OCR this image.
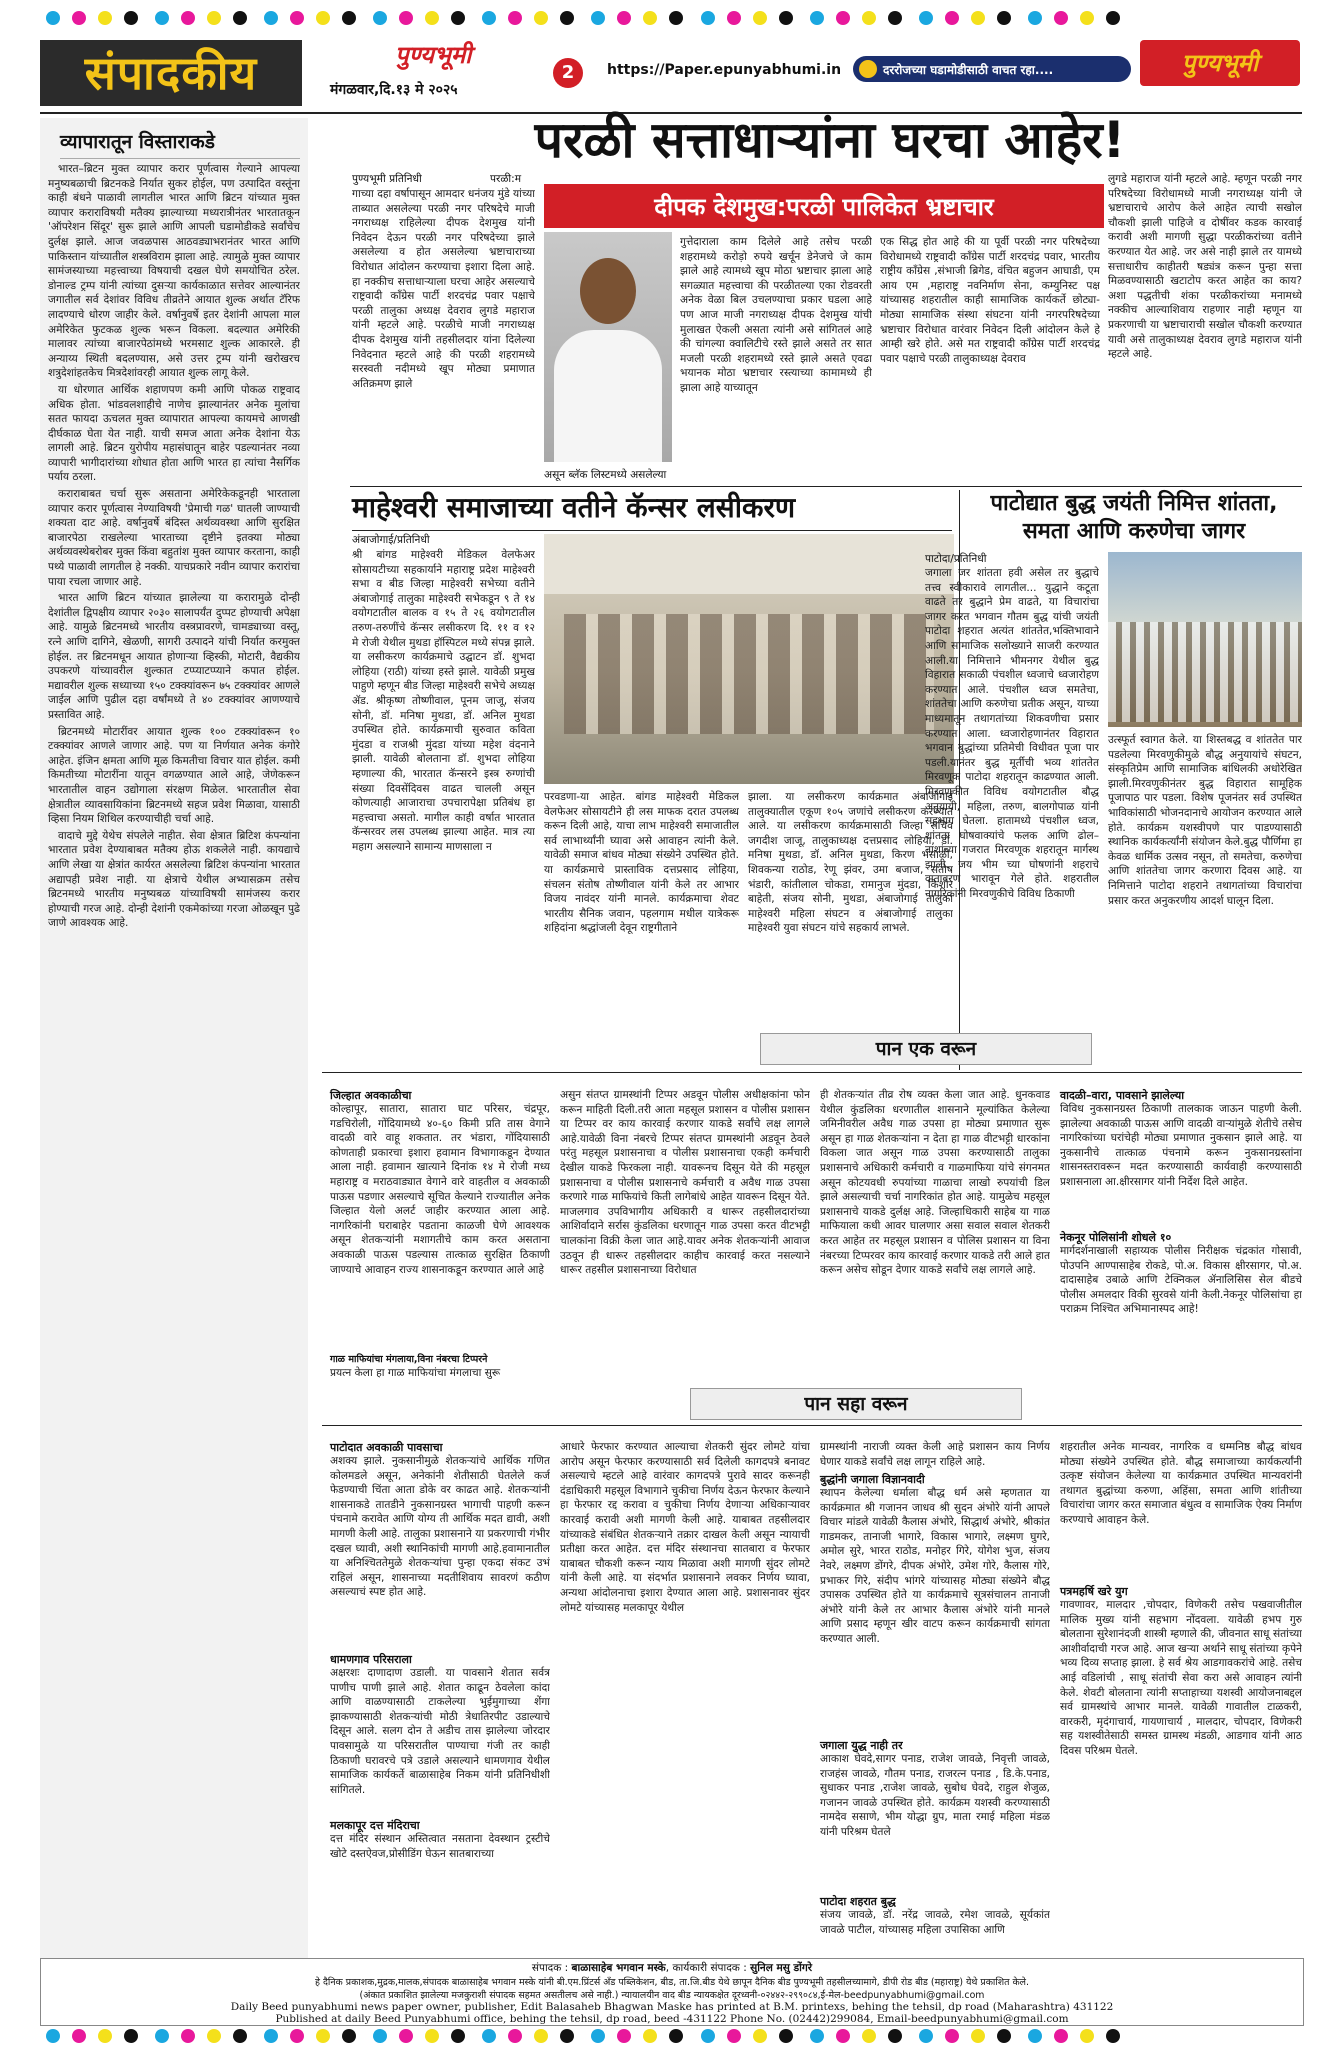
संपादकीय	पुण्यभूमी
मंगळवार,दि.१३ मे २०२५
2	https://Paper.epunyabhumi.in	दररोजच्या घडामोडीसाठी वाचत रहा....	पुण्यभूमी
व्यापारातून विस्ताराकडे

भारत–ब्रिटन मुक्त व्यापार करार पूर्णत्वास गेल्याने आपल्या मनुष्यबळाची ब्रिटनकडे निर्यात सुकर होईल, पण उत्पादित वस्तूंना काही बंधने पाळावी लागतील भारत आणि ब्रिटन यांच्यात मुक्त व्यापार कराराविषयी मतैक्य झाल्याच्या मध्यरात्रीनंतर भारतातकून 'ऑपरेशन सिंदूर' सुरू झाले आणि आपली घडामोडीकडे सर्वांचेच दुर्लक्ष झाले. आज जवळपास आठवड्याभरानंतर भारत आणि पाकिस्तान यांच्यातील शस्त्रविराम झाला आहे. त्यामुळे मुक्त व्यापार सामंजस्याच्या महत्त्वाच्या विषयाची दखल घेणे समयोचित ठरेल. डोनाल्ड ट्रम्प यांनी त्यांच्या दुसऱ्या कार्यकाळात सत्तेवर आल्यानंतर जगातील सर्व देशांवर विविध तीव्रतेने आयात शुल्क अर्थात टॅरिफ लादण्याचे धोरण जाहीर केले. वर्षानुवर्षे इतर देशांनी आपला माल अमेरिकेत फुटकळ शुल्क भरून विकला. बदल्यात अमेरिकी मालावर त्यांच्या बाजारपेठांमध्ये भरमसाट शुल्क आकारले. ही अन्याय्य स्थिती बदलण्यास, असे उत्तर ट्रम्प यांनी खरोखरच शत्रुदेशांहतकेच मित्रदेशांवरही आयात शुल्क लागू केले.

या धोरणात आर्थिक शहाणपण कमी आणि पोकळ राष्ट्रवाद अधिक होता. भांडवलशाहीचे नाणेच झाल्यानंतर अनेक मुलांचा सतत फायदा ऊचलत मुक्त व्यापारात आपल्या कायमचे आणखी दीर्घकाळ घेता येत नाही. याची समज आता अनेक देशांना येऊ लागली आहे. ब्रिटन युरोपीय महासंघातून बाहेर पडल्यानंतर नव्या व्यापारी भागीदारांच्या शोधात होता आणि भारत हा त्यांचा नैसर्गिक पर्याय ठरला.

कराराबाबत चर्चा सुरू असताना अमेरिकेकडूनही भारताला व्यापार करार पूर्णत्वास नेण्याविषयी 'प्रेमाची गळ' घातली जाण्याची शक्यता दाट आहे. वर्षानुवर्षे बंदिस्त अर्थव्यवस्था आणि सुरक्षित बाजारपेठा राखलेल्या भारताच्या दृष्टीने इतक्या मोठ्या अर्थव्यवस्थेबरोबर मुक्त किंवा बहुतांश मुक्त व्यापार करताना, काही पथ्ये पाळावी लागतील हे नक्की. याचप्रकारे नवीन व्यापार करारांचा पाया रचला जाणार आहे.

भारत आणि ब्रिटन यांच्यात झालेल्या या करारामुळे दोन्ही देशांतील द्विपक्षीय व्यापार २०३० सालापर्यंत दुप्पट होण्याची अपेक्षा आहे. यामुळे ब्रिटनमध्ये भारतीय वस्त्रप्रावरणे, चामड्याच्या वस्तू, रत्ने आणि दागिने, खेळणी, सागरी उत्पादने यांची निर्यात करमुक्त होईल. तर ब्रिटनमधून आयात होणाऱ्या व्हिस्की, मोटारी, वैद्यकीय उपकरणे यांच्यावरील शुल्कात टप्प्याटप्प्याने कपात होईल. मद्यावरील शुल्क सध्याच्या १५० टक्क्यांवरून ७५ टक्क्यांवर आणले जाईल आणि पुढील दहा वर्षांमध्ये ते ४० टक्क्यांवर आणण्याचे प्रस्तावित आहे.

ब्रिटनमध्ये मोटारींवर आयात शुल्क १०० टक्क्यांवरून १० टक्क्यांवर आणले जाणार आहे. पण या निर्णयात अनेक कंगोरे आहेत. इंजिन क्षमता आणि मूळ किमतीचा विचार यात होईल. कमी किमतीच्या मोटारींना यातून वगळण्यात आले आहे, जेणेकरून भारतातील वाहन उद्योगाला संरक्षण मिळेल. भारतातील सेवा क्षेत्रातील व्यावसायिकांना ब्रिटनमध्ये सहज प्रवेश मिळावा, यासाठी व्हिसा नियम शिथिल करण्याचीही चर्चा आहे.

वादाचे मुद्दे येथेच संपलेले नाहीत. सेवा क्षेत्रात ब्रिटिश कंपन्यांना भारतात प्रवेश देण्याबाबत मतैक्य होऊ शकलेले नाही. कायद्याचे आणि लेखा या क्षेत्रांत कार्यरत असलेल्या ब्रिटिश कंपन्यांना भारतात अद्यापही प्रवेश नाही. या क्षेत्राचे येथील अभ्यासक्रम तसेच ब्रिटनमध्ये भारतीय मनुष्यबळ यांच्याविषयी सामंजस्य करार होण्याची गरज आहे. दोन्ही देशांनी एकमेकांच्या गरजा ओळखून पुढे जाणे आवश्यक आहे.

परळी सत्ताधाऱ्यांना घरचा आहेर!
पुण्यभूमी प्रतिनिधी	परळी:म
गाच्या दहा वर्षापासून आमदार धनंजय मुंडे यांच्या ताब्यात असलेल्या परळी नगर परिषदेचे माजी नगराध्यक्ष राहिलेल्या दीपक देशमुख यांनी निवेदन देऊन परळी नगर परिषदेच्या झाले असलेल्या व होत असलेल्या भ्रष्टाचाराच्या विरोधात आंदोलन करण्याचा इशारा दिला आहे. हा नक्कीच सत्ताधाऱ्याला घरचा आहेर असल्याचे राष्ट्रवादी काँग्रेस पार्टी शरदचंद्र पवार पक्षाचे परळी तालुका अध्यक्ष देवराव लुगडे महाराज यांनी म्हटले आहे. परळीचे माजी नगराध्यक्ष दीपक देशमुख यांनी तहसीलदार यांना दिलेल्या निवेदनात म्हटले आहे की परळी शहरामध्ये सरस्वती नदीमध्ये खूप मोठ्या प्रमाणात अतिक्रमण झाले
दीपक देशमुख:परळी पालिकेत भ्रष्टाचार
असून ब्लॅक लिस्टमध्ये असलेल्या
गुत्तेदाराला काम दिलेले आहे तसेच परळी शहरामध्ये करोड़ो रुपये खर्चून डेनेजचे जे काम झाले आहे त्यामध्ये खूप मोठा भ्रष्टाचार झाला आहे सगळ्यात महत्त्वाचा की परळीतल्या एका रोडवरती अनेक वेळा बिल उचलण्याचा प्रकार घडला आहे पण आज माजी नगराध्यक्ष दीपक देशमुख यांची मुलाखत ऐकली असता त्यांनी असे सांगितलं आहे की चांगल्या क्वालिटीचे रस्ते झाले असते तर सात मजली परळी शहरामध्ये रस्ते झाले असते एवढा भयानक मोठा भ्रष्टाचार रस्त्याच्या कामामध्ये ही झाला आहे याच्यातून
एक सिद्ध होत आहे की या पूर्वी परळी नगर परिषदेच्या विरोधामध्ये राष्ट्रवादी काँग्रेस पार्टी शरदचंद्र पवार, भारतीय राष्ट्रीय काँग्रेस ,संभाजी ब्रिगेड, वंचित बहुजन आघाडी, एम आय एम ,महाराष्ट्र नवनिर्माण सेना, कम्युनिस्ट पक्ष यांच्यासह शहरातील काही सामाजिक कार्यकर्ते छोट्या-मोठ्या सामाजिक संस्था संघटना यांनी नगरपरिषदेच्या भ्रष्टाचार विरोधात वारंवार निवेदन दिली आंदोलन केले हे आम्ही खरे होते. असे मत राष्ट्रवादी काँग्रेस पार्टी शरदचंद्र पवार पक्षाचे परळी तालुकाध्यक्ष देवराव
लुगडे महाराज यांनी म्हटले आहे. म्हणून परळी नगर परिषदेच्या विरोधामध्ये माजी नगराध्यक्ष यांनी जे भ्रष्टाचाराचे आरोप केले आहेत त्याची सखोल चौकशी झाली पाहिजे व दोषींवर कडक कारवाई करावी अशी मागणी सुद्धा परळीकरांच्या वतीने करण्यात येत आहे. जर असे नाही झाले तर यामध्ये सत्ताधारीच काहीतरी षड्यंत्र करून पुन्हा सत्ता मिळवण्यासाठी खटाटोप करत आहेत का काय? अशा पद्धतीची शंका परळीकरांच्या मनामध्ये नक्कीच आल्याशिवाय राहणार नाही म्हणून या प्रकरणाची या भ्रष्टाचाराची सखोल चौकशी करण्यात यावी असे तालुकाध्यक्ष देवराव लुगडे महाराज यांनी म्हटले आहे.
माहेश्वरी समाजाच्या वतीने कॅन्सर लसीकरण
अंबाजोगाई/प्रतिनिधी
श्री बांगड माहेश्वरी मेडिकल वेलफेअर सोसायटीच्या सहकार्याने महाराष्ट्र प्रदेश माहेश्वरी सभा व बीड जिल्हा माहेश्वरी सभेच्या वतीने अंबाजोगाई तालुका माहेश्वरी सभेकडून ९ ते १४ वयोगटातील बालक व १५ ते २६ वयोगटातील तरुण-तरुणींचे कॅन्सर लसीकरण दि. ११ व १२ मे रोजी येथील मुथडा हॉस्पिटल मध्ये संपन्न झाले. या लसीकरण कार्यक्रमाचे उद्घाटन डॉ. शुभदा लोहिया (राठी) यांच्या हस्ते झाले. यावेळी प्रमुख पाहुणे म्हणून बीड जिल्हा माहेश्वरी सभेचे अध्यक्ष ॲड. श्रीकृष्ण तोष्णीवाल, पूनम जाजू, संजय सोनी, डॉ. मनिषा मुथडा, डॉ. अनिल मुथडा उपस्थित होते. कार्यक्रमाची सुरुवात कविता मुंदडा व राजश्री मुंदडा यांच्या महेश वंदनाने झाली. यावेळी बोलताना डॉ. शुभदा लोहिया म्हणाल्या की, भारतात कॅन्सरने इस्त्र रुग्णांची संख्या दिवसेंदिवस वाढत चालली असून कोणत्याही आजाराचा उपचारापेक्षा प्रतिबंध हा महत्त्वाचा असतो. मागील काही वर्षात भारतात कॅन्सरवर लस उपलब्ध झाल्या आहेत. मात्र त्या महाग असल्याने सामान्य माणसाला न
परवडणा-या आहेत. बांगड माहेश्वरी मेडिकल वेलफेअर सोसायटीने ही लस माफक दरात उपलब्ध करून दिली आहे, याचा लाभ माहेश्वरी समाजातील सर्व लाभार्थ्यांनी घ्यावा असे आवाहन त्यांनी केले. यावेळी समाज बांधव मोठ्या संख्येने उपस्थित होते. या कार्यक्रमाचे प्रास्ताविक दत्तप्रसाद लोहिया, संचलन संतोष तोष्णीवाल यांनी केले तर आभार विजय नावंदर यांनी मानले. कार्यक्रमाचा शेवट भारतीय सैनिक जवान, पहलगाम मधील यात्रेकरू शहिदांना श्रद्धांजली देवून राष्ट्रगीताने
झाला. या लसीकरण कार्यक्रमात अंबाजोगाई तालुक्यातील एकूण १०५ जणांचे लसीकरण करण्यात आले. या लसीकरण कार्यक्रमासाठी जिल्हा सचिव जगदीश जाजू, तालुकाध्यक्ष दत्तप्रसाद लोहिया, डॉ. मनिषा मुथडा, डॉ. अनिल मुथडा, किरण भंसाळी, शिवकन्या राठोड, रेणू झंवर, उमा बजाज, संतोष भंडारी, कांतीलाल चोकडा, रामानुज मुंदडा, किशोर बाहेती, संजय सोनी, मुथडा, अंबाजोगाई तालुका माहेश्वरी महिला संघटन व अंबाजोगाई तालुका माहेश्वरी युवा संघटन यांचे सहकार्य लाभले.
पाटोद्यात बुद्ध जयंती निमित्त शांतता, समता आणि करुणेचा जागर
पाटोदा/प्रतिनिधी
जगाला जर शांतता हवी असेल तर बुद्धाचे तत्त्व स्वीकारावे लागतील... युद्धाने कटूता वाढते तर बुद्धाने प्रेम वाढते, या विचारांचा जागर करत भगवान गौतम बुद्ध यांची जयंती पाटोदा शहरात अत्यंत शांततेत,भक्तिभावाने आणि सामाजिक सलोख्याने साजरी करण्यात आली.या निमित्ताने भीमनगर येथील बुद्ध विहारात सकाळी पंचशील ध्वजाचे ध्वजारोहण करण्यात आले. पंचशील ध्वज समतेचा, शांततेचा आणि करुणेचा प्रतीक असून, याच्या माध्यमातून तथागतांच्या शिकवणीचा प्रसार करण्यात आला. ध्वजारोहणानंतर विहारात भगवान बुद्धांच्या प्रतिमेची विधीवत पूजा पार पडली.यानंतर बुद्ध मूर्तीची भव्य शांततेत मिरवणूक पाटोदा शहरातून काढण्यात आली. मिरवणुकीत विविध वयोगटातील बौद्ध अनुयायी, महिला, तरुण, बालगोपाळ यांनी सहभाग घेतला. हातामध्ये पंचशील ध्वज, शांतता घोषवाक्यांचे फलक आणि ढोल–ताशांच्या गजरात मिरवणूक शहरातून मार्गस्थ झाली. जय भीम च्या घोषणांनी शहराचे वातावरण भारावून गेले होते. शहरातील नागरिकांनी मिरवणुकीचे विविध ठिकाणी
उत्स्फूर्त स्वागत केले. या शिस्तबद्ध व शांततेत पार पडलेल्या मिरवणुकीमुळे बौद्ध अनुयायांचे संघटन, संस्कृतिप्रेम आणि सामाजिक बांधिलकी अधोरेखित झाली.मिरवणुकीनंतर बुद्ध विहारात सामूहिक पूजापाठ पार पडला. विशेष पूजनंतर सर्व उपस्थित भाविकांसाठी भोजनदानाचे आयोजन करण्यात आले होते. कार्यक्रम यशस्वीपणे पार पाडण्यासाठी स्थानिक कार्यकर्त्यांनी संयोजन केले.बुद्ध पौर्णिमा हा केवळ धार्मिक उत्सव नसून, तो समतेचा, करुणेचा आणि शांततेचा जागर करणारा दिवस आहे. या निमित्ताने पाटोदा शहराने तथागतांच्या विचारांचा प्रसार करत अनुकरणीय आदर्श घालून दिला.
पान एक वरून
जिल्हात अवकाळीचा
कोल्हापूर, सातारा, सातारा घाट परिसर, चंद्रपूर, गडचिरोली, गोंदियामध्ये ४०-६० किमी प्रति तास वेगाने वादळी वारे वाहू शकतात. तर भंडारा, गोंदियासाठी कोणताही प्रकारचा इशारा हवामान विभागाकडून देण्यात आला नाही. हवामान खात्याने दिनांक १४ मे रोजी मध्य महाराष्ट्र व मराठवाड्यात वेगाने वारे वाहतील व अवकाळी पाऊस पडणार असल्याचे सूचित केल्याने राज्यातील अनेक जिल्हात येलो अलर्ट जाहीर करण्यात आला आहे. नागरिकांनी घराबाहेर पडताना काळजी घेणे आवश्यक असून शेतकऱ्यांनी मशागतीचे काम करत असताना अवकाळी पाऊस पडल्यास तात्काळ सुरक्षित ठिकाणी जाण्याचे आवाहन राज्य शासनाकडून करण्यात आले आहे
गाळ माफियांचा मंगलाया,विना नंबरचा टिप्परने
प्रयत्न केला हा गाळ माफियांचा मंगलाचा सुरू
असुन संतप्त ग्रामस्थांनी टिप्पर अडवून पोलीस अधीक्षकांना फोन करून माहिती दिली.तरी आता महसूल प्रशासन व पोलीस प्रशासन या टिप्पर वर काय कारवाई करणार याकडे सर्वांचे लक्ष लागले आहे.यावेळी विना नंबरचे टिप्पर संतप्त ग्रामस्थांनी अडवून ठेवले परंतु महसूल प्रशासनाचा व पोलीस प्रशासनाचा एकही कर्मचारी देखील याकडे फिरकला नाही. यावरूनच दिसून येते की महसूल प्रशासनाचा व पोलीस प्रशासनाचे कर्मचारी व अवैध गाळ उपसा करणारे गाळ माफियांचे किती लागेबांधे आहेत यावरून दिसून येते. माजलगाव उपविभागीय अधिकारी व धारूर तहसीलदारांच्या आशिर्वादाने सर्रास कुंडलिका धरणातून गाळ उपसा करत वीटभट्टी चालकांना विक्री केला जात आहे.यावर अनेक शेतकऱ्यांनी आवाज उठवून ही धारूर तहसीलदार काहीच कारवाई करत नसल्याने धारूर तहसील प्रशासनाच्या विरोधात
ही शेतकऱ्यांत तीव्र रोष व्यक्त केला जात आहे. धुनकवाड येथील कुंडलिका धरणातील शासनाने मूल्यांकित केलेल्या जमिनीवरील अवैध गाळ उपसा हा मोठ्या प्रमाणात सुरू असून हा गाळ शेतकऱ्यांना न देता हा गाळ वीटभट्टी धारकांना विकला जात असून गाळ उपसा करण्यासाठी तालुका प्रशासनाचे अधिकारी कर्मचारी व गाळमाफिया यांचे संगनमत असून कोटयवधी रुपयांच्या गाळाचा लाखो रुपयांची डिल झाले असल्याची चर्चा नागरिकांत होत आहे. यामुळेच महसूल प्रशासनाचे याकडे दुर्लक्ष आहे. जिल्हाधिकारी साहेब या गाळ माफियाला कधी आवर घालणार असा सवाल सवाल शेतकरी करत आहेत तर महसूल प्रशासन व पोलिस प्रशासन या विना नंबरच्या टिप्परवर काय कारवाई करणार याकडे तरी आले हात करून असेच सोडून देणार याकडे सर्वांचे लक्ष लागले आहे.
वादळी–वारा, पावसाने झालेल्या
विविध नुकसानग्रस्त ठिकाणी तालकाक जाऊन पाहणी केली. झालेल्या अवकाळी पाऊस आणि वादळी वाऱ्यांमुळे शेतीचे तसेच नागरिकांच्या घरांचेही मोठ्या प्रमाणात नुकसान झाले आहे. या नुकसानीचे तात्काळ पंचनामे करून नुकसानग्रस्तांना शासनस्तरावरून मदत करण्यासाठी कार्यवाही करण्यासाठी प्रशासनाला आ.क्षीरसागर यांनी निर्देश दिले आहेत.
नेकनूर पोलिसांनी शोधले १०
मार्गदर्शनाखाली सहाय्यक पोलीस निरीक्षक चंद्रकांत गोसावी, पोउपनि आण्पासाहेब रोकडे, पो.अ. विकास क्षीरसागर, पो.अ. दादासाहेब उबाळे आणि टेक्निकल ॲनालिसिस सेल बीडचे पोलीस अमलदार विकी सुरवसे यांनी केली.नेकनूर पोलिसांचा हा पराक्रम निश्चित अभिमानास्पद आहे!
पान सहा वरून
पाटोदात अवकाळी पावसाचा
अशक्य झाले. नुकसानीमुळे शेतकऱ्यांचे आर्थिक गणित कोलमडले असून, अनेकांनी शेतीसाठी घेतलेले कर्ज फेडण्याची चिंता आता डोके वर काढत आहे. शेतकऱ्यांनी शासनाकडे तातडीने नुकसानग्रस्त भागाची पाहणी करून पंचनामे करावेत आणि योग्य ती आर्थिक मदत द्यावी, अशी मागणी केली आहे. तालुका प्रशासनाने या प्रकरणाची गंभीर दखल घ्यावी, अशी स्थानिकांची मागणी आहे.हवामानातील या अनिश्चिततेमुळे शेतकऱ्यांचा पुन्हा एकदा संकट उभं राहिलं असून, शासनाच्या मदतीशिवाय सावरणं कठीण असल्याचं स्पष्ट होत आहे.
धामणगाव परिसराला
अक्षरशः दाणादाण उडाली. या पावसाने शेतात सर्वत्र पाणीच पाणी झाले आहे. शेतात काढून ठेवलेला कांदा आणि वाळण्यासाठी टाकलेल्या भुईमुगाच्या शेंगा झाकण्यासाठी शेतकऱ्यांची मोठी त्रेधातिरपीट उडाल्याचे दिसून आले. सलग दोन ते अडीच तास झालेल्या जोरदार पावसामुळे या परिसरातील पाण्याचा गंजी तर काही ठिकाणी घरावरचे पत्रे उडाले असल्याने धामणगाव येथील सामाजिक कार्यकर्ते बाळासाहेब निकम यांनी प्रतिनिधीशी सांगितले.
मलकापूर दत्त मंदिराचा
दत्त मंदिर संस्थान अस्तित्वात नसताना देवस्थान ट्रस्टीचे खोटे दस्तऐवज,प्रोसीडिंग घेऊन सातबाराच्या
आधारे फेरफार करण्यात आल्याचा शेतकरी सुंदर लोमटे यांचा आरोप असून फेरफार करण्यासाठी सर्व दिलेली कागदपत्रे बनावट असल्याचे म्हटले आहे वारंवार कागदपत्रे पुरावे सादर करूनही दंडाधिकारी महसूल विभागाने चुकीचा निर्णय देऊन फेरफार केल्याने हा फेरफार रद्द करावा व चुकीचा निर्णय देणाऱ्या अधिकाऱ्यावर कारवाई करावी अशी मागणी केली आहे. याबाबत तहसीलदार यांच्याकडे संबंधित शेतकऱ्याने तक्रार दाखल केली असून न्यायाची प्रतीक्षा करत आहेत. दत्त मंदिर संस्थानचा सातबारा व फेरफार याबाबत चौकशी करून न्याय मिळावा अशी मागणी सुंदर लोमटे यांनी केली आहे. या संदर्भात प्रशासनाने लवकर निर्णय घ्यावा, अन्यथा आंदोलनाचा इशारा देण्यात आला आहे. प्रशासनावर सुंदर लोमटे यांच्यासह मलकापूर येथील
ग्रामस्थांनी नाराजी व्यक्त केली आहे प्रशासन काय निर्णय घेणार याकडे सर्वांचे लक्ष लागून राहिले आहे.
बुद्धांनी जगाला विज्ञानवादी
स्थापन केलेल्या धर्माला बौद्ध धर्म असे म्हणतात या कार्यक्रमात श्री गजानन जाधव श्री सुदन अंभोरे यांनी आपले विचार मांडले यावेळी कैलास अंभोरे, सिद्धार्थ अंभोरे, श्रीकांत गाडमकर, तानाजी भागारे, विकास भागारे, लक्ष्मण घुगरे, अमोल सुरे, भारत राठोड, मनोहर गिरे, योगेश भुज, संजय नेवरे, लक्ष्मण डोंगरे, दीपक अंभोरे, उमेश गोरे, कैलास गोरे, प्रभाकर गिरे, संदीप भांगरे यांच्यासह मोठ्या संख्येने बौद्ध उपासक उपस्थित होते या कार्यक्रमाचे सूत्रसंचालन तानाजी अंभोरे यांनी केले तर आभार कैलास अंभोरे यांनी मानले आणि प्रसाद म्हणून खीर वाटप करून कार्यक्रमाची सांगता करण्यात आली.
जगाला युद्ध नाही तर
आकाश घेवदे,सागर पनाड, राजेश जावळे, निवृत्ती जावळे, राजहंस जावळे, गौतम पनाड, राजरत्न पनाड , डि.के.पनाड, सुधाकर पनाड ,राजेश जावळे, सुबोध घेवदे, राहुल शेजुळ, गजानन जावळे उपस्थित होते. कार्यक्रम यशस्वी करण्यासाठी नामदेव ससाणे, भीम योद्धा ग्रुप, माता रमाई महिला मंडळ यांनी परिश्रम घेतले
पाटोदा शहरात बुद्ध
संजय जावळे, डॉ. नरेंद्र जावळे, रमेश जावळे, सूर्यकांत जावळे पाटील, यांच्यासह महिला उपासिका आणि
शहरातील अनेक मान्यवर, नागरिक व धम्मनिष्ठ बौद्ध बांधव मोठ्या संख्येने उपस्थित होते. बौद्ध समाजाच्या कार्यकर्त्यांनी उत्कृष्ट संयोजन केलेल्या या कार्यक्रमात उपस्थित मान्यवरांनी तथागत बुद्धांच्या करुणा, अहिंसा, समता आणि शांतीच्या विचारांचा जागर करत समाजात बंधुत्व व सामाजिक ऐक्य निर्माण करण्याचे आवाहन केले.
पत्रमहर्षि खरे युग
गावणावर, मालदार ,चोपदार, विणेकरी तसेच पखवाजीतील मालिक मुख्य यांनी सहभाग नोंदवला. यावेळी हभप गुरु बोलताना सुरेशानंदजी शास्त्री म्हणाले की, जीवनात साधू संतांच्या आशीर्वादाची गरज आहे. आज खऱ्या अर्थाने साधू संतांच्या कृपेने भव्य दिव्य सप्ताह झाला. हे सर्व श्रेय आडगावकरांचे आहे. तसेच आई वडिलांची , साधू संतांची सेवा करा असे आवाहन त्यांनी केले. शेवटी बोलताना त्यांनी सप्ताहाच्या यशस्वी आयोजनाबद्दल सर्व ग्रामस्थांचे आभार मानले. यावेळी गावातील टाळकरी, वारकरी, मृदंगाचार्य, गायणाचार्य , मालदार, चोपदार, विणेकरी सह यशस्वीतेसाठी समस्त ग्रामस्थ मंडळी, आडगाव यांनी आठ दिवस परिश्रम घेतले.
संपादक : बाळासाहेब भगवान मस्के, कार्यकारी संपादक : सुनिल मसु डोंगरे
हे दैनिक प्रकाशक,मुद्रक,मालक,संपादक बाळासाहेब भगवान मस्के यांनी बी.एम.प्रिंटर्स अँड पब्लिकेशन, बीड, ता.जि.बीड येथे छापून दैनिक बीड पुण्यभूमी तहसीलच्यामागे, डीपी रोड बीड (महाराष्ट्र) येथे प्रकाशित केले.
(अंकात प्रकाशित झालेल्या मजकुराशी संपादक सहमत असतीलच असे नाही.) न्यायालयीन वाद बीड न्यायकक्षेत दूरध्वनी-०२४४२-२९९०८४,ई-मेल-beedpunyabhumi@gmail.com
Daily Beed punyabhumi news paper owner, publisher, Edit Balasaheb Bhagwan Maske has printed at B.M. printexs, behing the tehsil, dp road (Maharashtra) 431122
Published at daily Beed Punyabhumi office, behing the tehsil, dp road, beed -431122 Phone No. (02442)299084, Email-beedpunyabhumi@gmail.com
